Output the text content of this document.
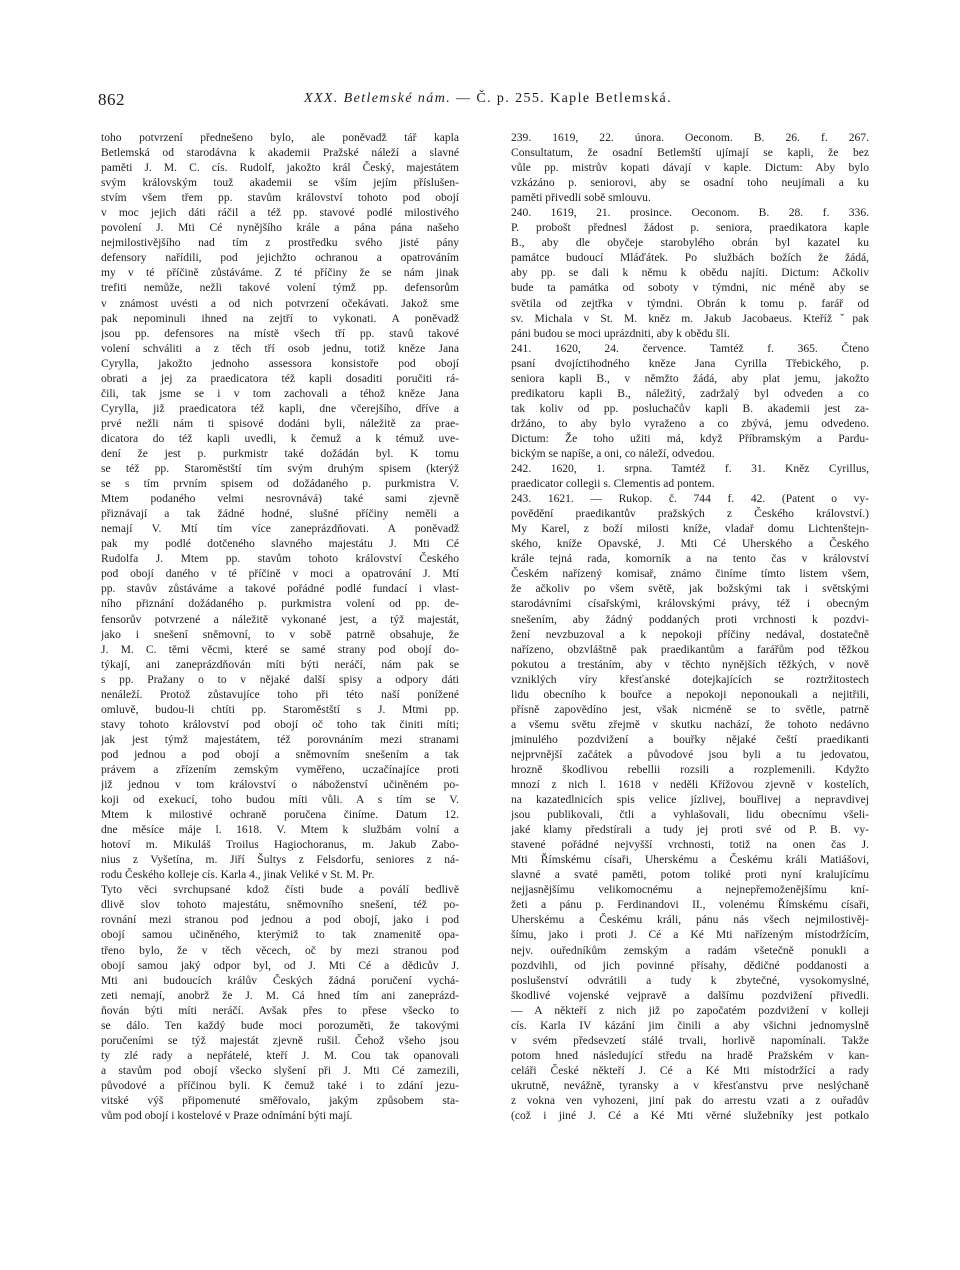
862	XXX. Betlemské nám. — Č. p. 255. Kaple Betlemská.
toho potvrzení přednešeno bylo, ale poněvadž tář kapla
Betlemská od starodávna k akademii Pražské náleží a slavné
paměti J. M. C. cís. Rudolf, jakožto král Český, majestátem
svým královským touž akademii se vším jejím příslušen-
stvím všem třem pp. stavům království tohoto pod obojí
v moc jejich dáti ráčil a též pp. stavové podlé milostivého
povolení J. Mti Cé nynějšího krále a pána pána našeho
nejmilostivějšího nad tím z prostředku svého jisté pány
defensory nařídili, pod jejichžto ochranou a opatrováním
my v té příčině zůstáváme. Z té příčiny že se nám jinak
trefiti nemůže, nežli takové volení týmž pp. defensorům
v známost uvésti a od nich potvrzení očekávati. Jakož sme
pak nepominuli ihned na zejtří to vykonati. A poněvadž
jsou pp. defensores na místě všech tří pp. stavů takové
volení schváliti a z těch tří osob jednu, totiž kněze Jana
Cyrylla, jakožto jednoho assessora konsistoře pod obojí
obrati a jej za praedicatora též kapli dosaditi poručiti rá-
čili, tak jsme se i v tom zachovali a téhož kněze Jana
Cyrylla, již praedicatora též kapli, dne včerejšího, dříve a
prvé nežli nám ti spisové dodáni byli, náležitě za prae-
dicatora do též kapli uvedli, k čemuž a k témuž uve-
dení že jest p. purkmistr také dožádán byl. K tomu
se též pp. Staroměstští tím svým druhým spisem (kterýž
se s tím prvním spisem od dožádaného p. purkmistra V.
Mtem podaného velmi nesrovnává) také sami zjevně
přiznávají a tak žádné hodné, slušné příčiny neměli a
nemají V. Mtí tím více zaneprázdňovati. A poněvadž
pak my podlé dotčeného slavného majestátu J. Mti Cé
Rudolfa J. Mtem pp. stavům tohoto království Českého
pod obojí daného v té příčině v moci a opatrování J. Mtí
pp. stavův zůstáváme a takové pořádné podlé fundací i vlast-
ního přiznání dožádaného p. purkmistra volení od pp. de-
fensorův potvrzené a náležitě vykonané jest, a týž majestát,
jako i snešení sněmovní, to v sobě patrně obsahuje, že
J. M. C. těmi věcmi, které se samé strany pod obojí do-
týkají, ani zaneprázdňován míti býti neráčí, nám pak se
s pp. Pražany o to v nějaké další spisy a odpory dáti
nenáleží. Protož zůstavujíce toho při této naší ponížené
omluvě, budou-li chtíti pp. Staroměstští s J. Mtmi pp.
stavy tohoto království pod obojí oč toho tak činiti míti;
jak jest týmž majestátem, též porovnáním mezi stranami
pod jednou a pod obojí a sněmovním snešením a tak
právem a zřízením zemským vyměřeno, uczačínajíce proti
již jednou v tom království o náboženství učiněném po-
koji od exekucí, toho budou míti vůli. A s tím se V.
Mtem k milostivé ochraně poručena činíme. Datum 12.
dne měsíce máje l. 1618. V. Mtem k službám volní a
hotoví m. Mikuláš Troilus Hagiochoranus, m. Jakub Zabo-
nius z Vyšetína, m. Jiří Šultys z Felsdorfu, seniores z ná-
rodu Českého kolleje cís. Karla 4., jinak Veliké v St. M. Pr.
Tyto věci svrchupsané kdož čísti bude a poválí bedlivě
dlivě slov tohoto majestátu, sněmovního snešení, též po-
rovnání mezi stranou pod jednou a pod obojí, jako i pod
obojí samou učiněného, kterýmiž to tak znamenitě opa-
třeno bylo, že v těch věcech, oč by mezi stranou pod
obojí samou jaký odpor byl, od J. Mti Cé a dědicův J.
Mti ani budoucích králův Českých žádná poručení vychá-
zeti nemají, anobrž že J. M. Cá hned tím ani zaneprázd-
ňován býti míti neráčí. Avšak přes to přese všecko to
se dálo. Ten každý bude moci porozuměti, že takovými
poručeními se týž majestát zjevně rušil. Čehož všeho jsou
ty zlé rady a nepřátelé, kteří J. M. Cou tak opanovali
a stavům pod obojí všecko slyšení při J. Mti Cé zamezili,
původové a příčinou byli. K čemuž také i to zdání jezu-
vitské výš připomenuté směřovalo, jakým způsobem sta-
vům pod obojí i kostelové v Praze odnímání býti mají.
239. 1619, 22. února. Oeconom. B. 26. f. 267.
Consultatum, že osadní Betlemští ujímají se kapli, že bez
vůle pp. mistrův kopati dávají v kaple. Dictum: Aby bylo
vzkázáno p. seniorovi, aby se osadní toho neujímali a ku
paměti přivedli sobě smlouvu.
240. 1619, 21. prosince. Oeconom. B. 28. f. 336.
P. probošt přednesl žádost p. seniora, praedikatora kaple
B., aby dle obyčeje starobylého obrán byl kazatel ku
památce budoucí Mláďátek. Po službách božích že žádá,
aby pp. se dali k němu k obědu najíti. Dictum: Ačkoliv
bude ta památka od soboty v týmdni, nic méně aby se
světila od zejtřka v týmdni. Obrán k tomu p. farář od
sv. Michala v St. M. kněz m. Jakub Jacobaeus. Kteřížˇpak
páni budou se moci uprázdniti, aby k obědu šli.
241. 1620, 24. července. Tamtéž f. 365. Čteno
psaní dvojíctihodného kněze Jana Cyrilla Třebického, p.
seniora kapli B., v němžto žádá, aby plat jemu, jakožto
predikatoru kapli B., náležitý, zadržalý byl odveden a co
tak koliv od pp. posluchačův kapli B. akademii jest za-
držáno, to aby bylo vyraženo a co zbývá, jemu odvedeno.
Dictum: Že toho užiti má, když Příbramským a Pardu-
bickým se napíše, a oni, co náleží, odvedou.
242. 1620, 1. srpna. Tamtéž f. 31. Kněz Cyrillus,
praedicator collegii s. Clementis ad pontem.
243. 1621. — Rukop. č. 744 f. 42. (Patent o vy-
povědění praedikantův pražských z Českého království.)
My Karel, z boží milosti kníže, vladař domu Lichtenštejn-
ského, kníže Opavské, J. Mti Cé Uherského a Českého
krále tejná rada, komorník a na tento čas v království
Českém nařízený komisař, známo činíme tímto listem všem,
že ačkoliv po všem světě, jak božskými tak i světskými
starodávními císařskými, královskými právy, též i obecným
snešením, aby žádný poddaných proti vrchnosti k pozdvi-
žení nevzbuzoval a k nepokoji příčiny nedával, dostatečně
nařízeno, obzvláštně pak praedikantům a farářům pod těžkou
pokutou a trestáním, aby v těchto nynějších těžkých, v nově
vzniklých víry křesťanské dotejkajících se roztržitostech
lidu obecního k bouřce a nepokoji neponoukali a nejitřili,
přísně zapovědíno jest, však nicméně se to světle, patrně
a všemu světu zřejmě v skutku nachází, že tohoto nedávno
jminulého pozdvižení a bouřky nějaké čeští praedikanti
nejprvnější začátek a původové jsou byli a tu jedovatou,
hrozně škodlivou rebellii rozsili a rozplemenili. Kdyžto
mnozí z nich l. 1618 v neděli Křížovou zjevně v kostelích,
na kazatedlnicích spis velice jízlivej, bouřlivej a nepravdivej
jsou publikovali, čtli a vyhlašovali, lidu obecnímu všeli-
jaké klamy předstírali a tudy jej proti své od P. B. vy-
stavené pořádné nejvyšší vrchnosti, totiž na onen čas J.
Mti Římskému císaři, Uherskému a Českému králi Matiášovi,
slavné a svaté paměti, potom toliké proti nyní kralujícímu
nejjasnějšímu velikomocnému a nejnepřemoženějšímu kní-
žeti a pánu p. Ferdinandovi II., volenému Římskému císaři,
Uherskému a Českému králi, pánu nás všech nejmilostivěj-
šímu, jako i proti J. Cé a Ké Mti nařízeným místodržícím,
nejv. ouředníkům zemským a radám všetečně ponukli a
pozdvihli, od jich povinné přísahy, dědičné poddanosti a
poslušenství odvrátili a tudy k zbytečné, vysokomyslné,
škodlivé vojenské vejpravě a dalšímu pozdvižení přivedli.
— A někteří z nich již po započatém pozdvižení v kolleji
cís. Karla IV kázání jim činili a aby všichni jednomyslně
v svém předsevzetí stálé trvali, horlivě napomínali. Takže
potom hned následující středu na hradě Pražském v kan-
celáři České někteří J. Cé a Ké Mti místodržící a rady
ukrutně, nevážně, tyransky a v křesťanstvu prve neslýchaně
z vokna ven vyhozeni, jiní pak do arrestu vzati a z ouřadův
(což i jiné J. Cé a Ké Mti věrné služebníky jest potkalo
